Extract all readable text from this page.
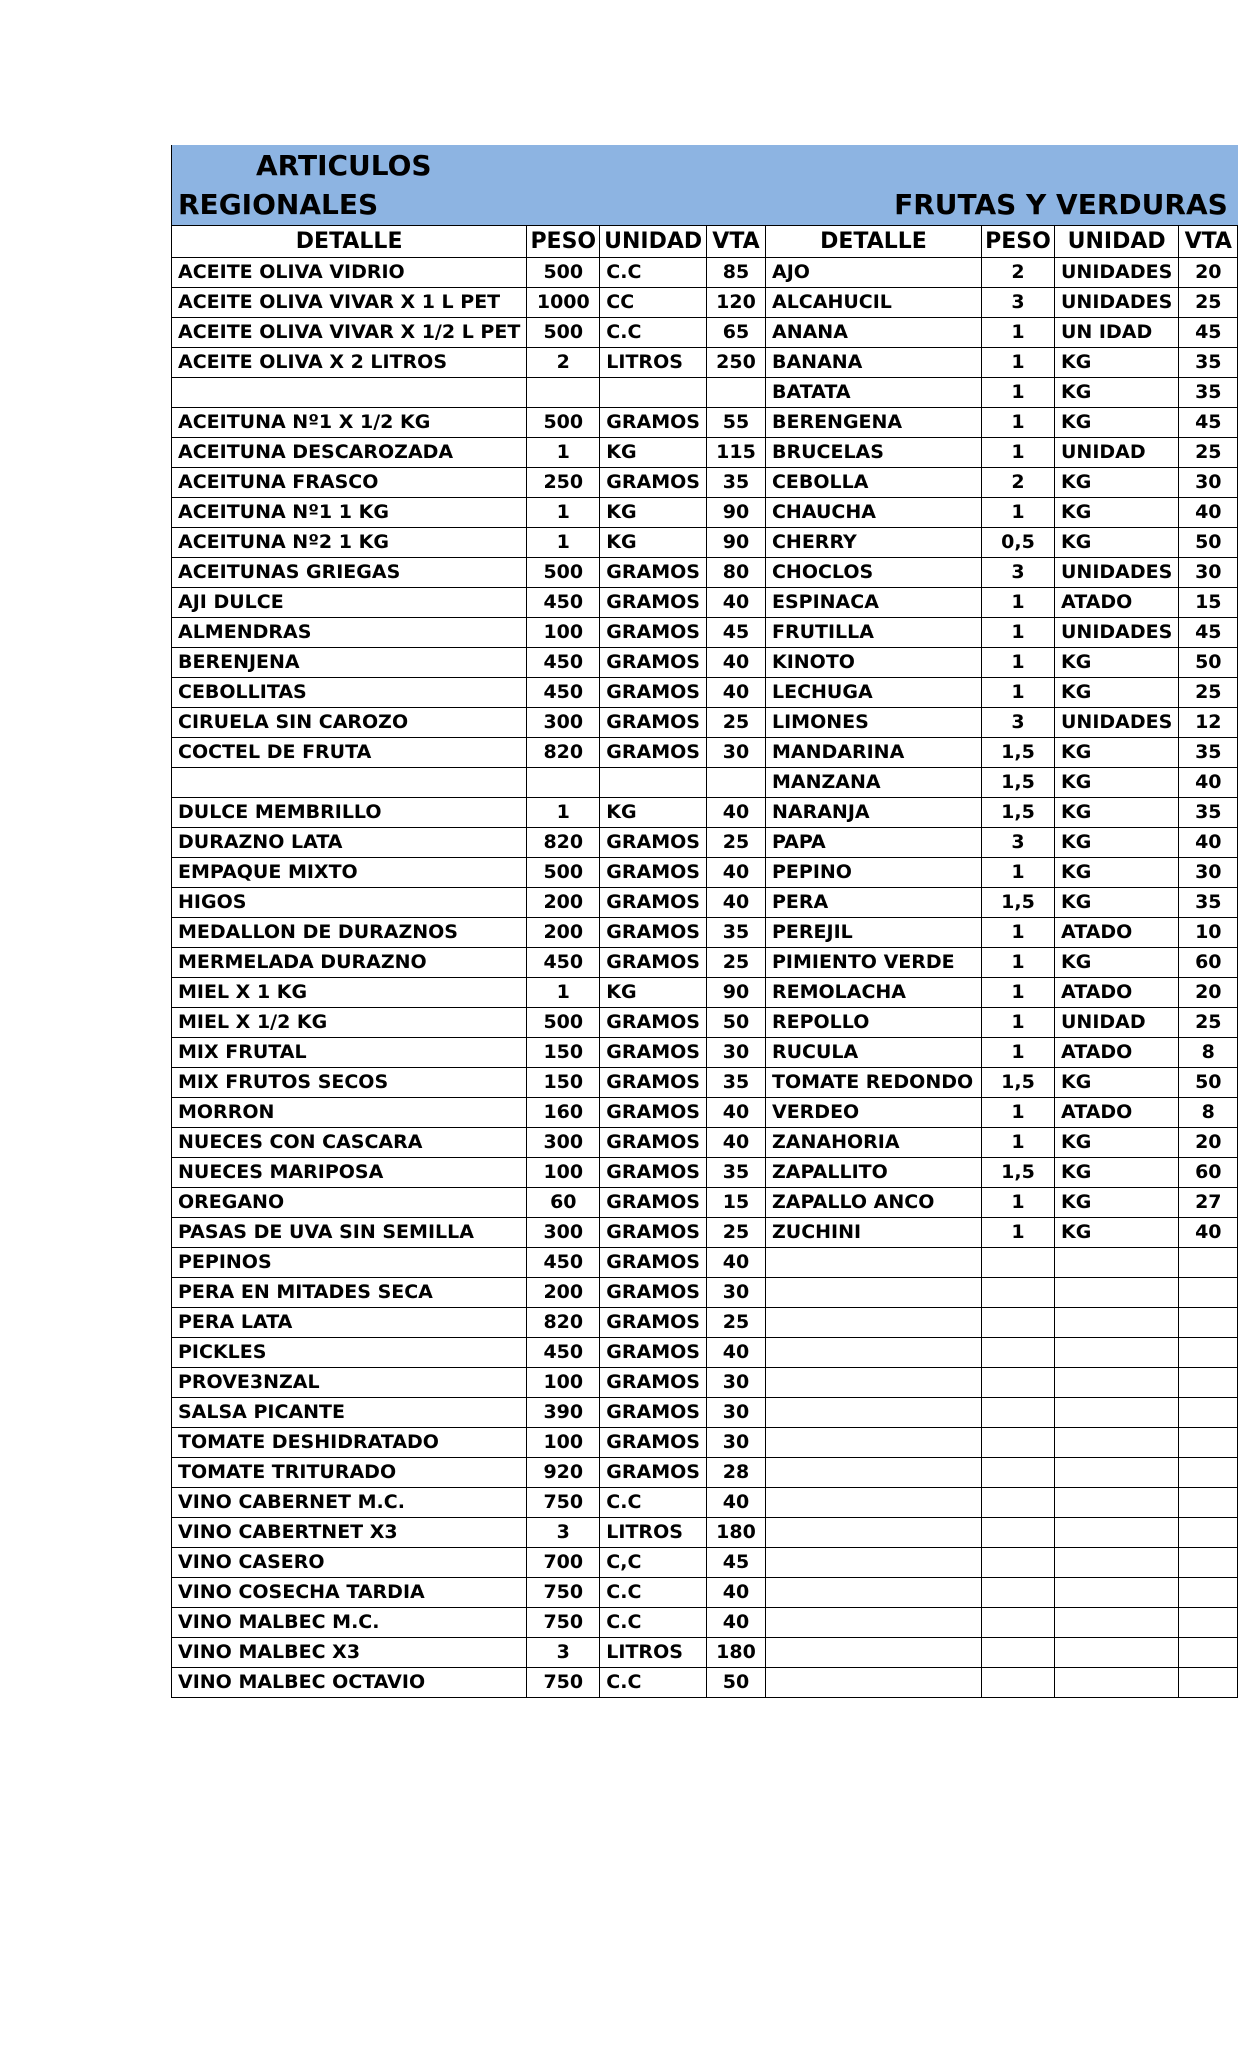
ARTICULOS
REGIONALES				FRUTAS Y VERDURAS			

DETALLE	PESO	UNIDAD	VTA	DETALLE	PESO	UNIDAD	VTA
ACEITE OLIVA VIDRIO	500	C.C	85	AJO	2	UNIDADES	20
ACEITE OLIVA VIVAR X 1 L PET	1000	CC	120	ALCAHUCIL	3	UNIDADES	25
ACEITE OLIVA VIVAR X 1/2 L PET	500	C.C	65	ANANA	1	UN IDAD	45
ACEITE OLIVA X 2 LITROS	2	LITROS	250	BANANA	1	KG	35
				BATATA	1	KG	35
ACEITUNA Nº1 X 1/2 KG	500	GRAMOS	55	BERENGENA	1	KG	45
ACEITUNA DESCAROZADA	1	KG	115	BRUCELAS	1	UNIDAD	25
ACEITUNA FRASCO	250	GRAMOS	35	CEBOLLA	2	KG	30
ACEITUNA Nº1 1 KG	1	KG	90	CHAUCHA	1	KG	40
ACEITUNA Nº2 1 KG	1	KG	90	CHERRY	0,5	KG	50
ACEITUNAS GRIEGAS	500	GRAMOS	80	CHOCLOS	3	UNIDADES	30
AJI DULCE	450	GRAMOS	40	ESPINACA	1	ATADO	15
ALMENDRAS	100	GRAMOS	45	FRUTILLA	1	UNIDADES	45
BERENJENA	450	GRAMOS	40	KINOTO	1	KG	50
CEBOLLITAS	450	GRAMOS	40	LECHUGA	1	KG	25
CIRUELA SIN CAROZO	300	GRAMOS	25	LIMONES	3	UNIDADES	12
COCTEL DE FRUTA	820	GRAMOS	30	MANDARINA	1,5	KG	35
				MANZANA	1,5	KG	40
DULCE MEMBRILLO	1	KG	40	NARANJA	1,5	KG	35
DURAZNO LATA	820	GRAMOS	25	PAPA	3	KG	40
EMPAQUE MIXTO	500	GRAMOS	40	PEPINO	1	KG	30
HIGOS	200	GRAMOS	40	PERA	1,5	KG	35
MEDALLON DE DURAZNOS	200	GRAMOS	35	PEREJIL	1	ATADO	10
MERMELADA DURAZNO	450	GRAMOS	25	PIMIENTO VERDE	1	KG	60
MIEL X 1 KG	1	KG	90	REMOLACHA	1	ATADO	20
MIEL X 1/2 KG	500	GRAMOS	50	REPOLLO	1	UNIDAD	25
MIX FRUTAL	150	GRAMOS	30	RUCULA	1	ATADO	8
MIX FRUTOS SECOS	150	GRAMOS	35	TOMATE REDONDO	1,5	KG	50
MORRON	160	GRAMOS	40	VERDEO	1	ATADO	8
NUECES CON CASCARA	300	GRAMOS	40	ZANAHORIA	1	KG	20
NUECES MARIPOSA	100	GRAMOS	35	ZAPALLITO	1,5	KG	60
OREGANO	60	GRAMOS	15	ZAPALLO ANCO	1	KG	27
PASAS DE UVA SIN SEMILLA	300	GRAMOS	25	ZUCHINI	1	KG	40
PEPINOS	450	GRAMOS	40				
PERA EN MITADES SECA	200	GRAMOS	30				
PERA LATA	820	GRAMOS	25				
PICKLES	450	GRAMOS	40				
PROVE3NZAL	100	GRAMOS	30				
SALSA PICANTE	390	GRAMOS	30				
TOMATE DESHIDRATADO	100	GRAMOS	30				
TOMATE TRITURADO	920	GRAMOS	28				
VINO CABERNET M.C.	750	C.C	40				
VINO CABERTNET X3	3	LITROS	180				
VINO CASERO	700	C,C	45				
VINO COSECHA TARDIA	750	C.C	40				
VINO MALBEC M.C.	750	C.C	40				
VINO MALBEC X3	3	LITROS	180				
VINO MALBEC OCTAVIO	750	C.C	50				
